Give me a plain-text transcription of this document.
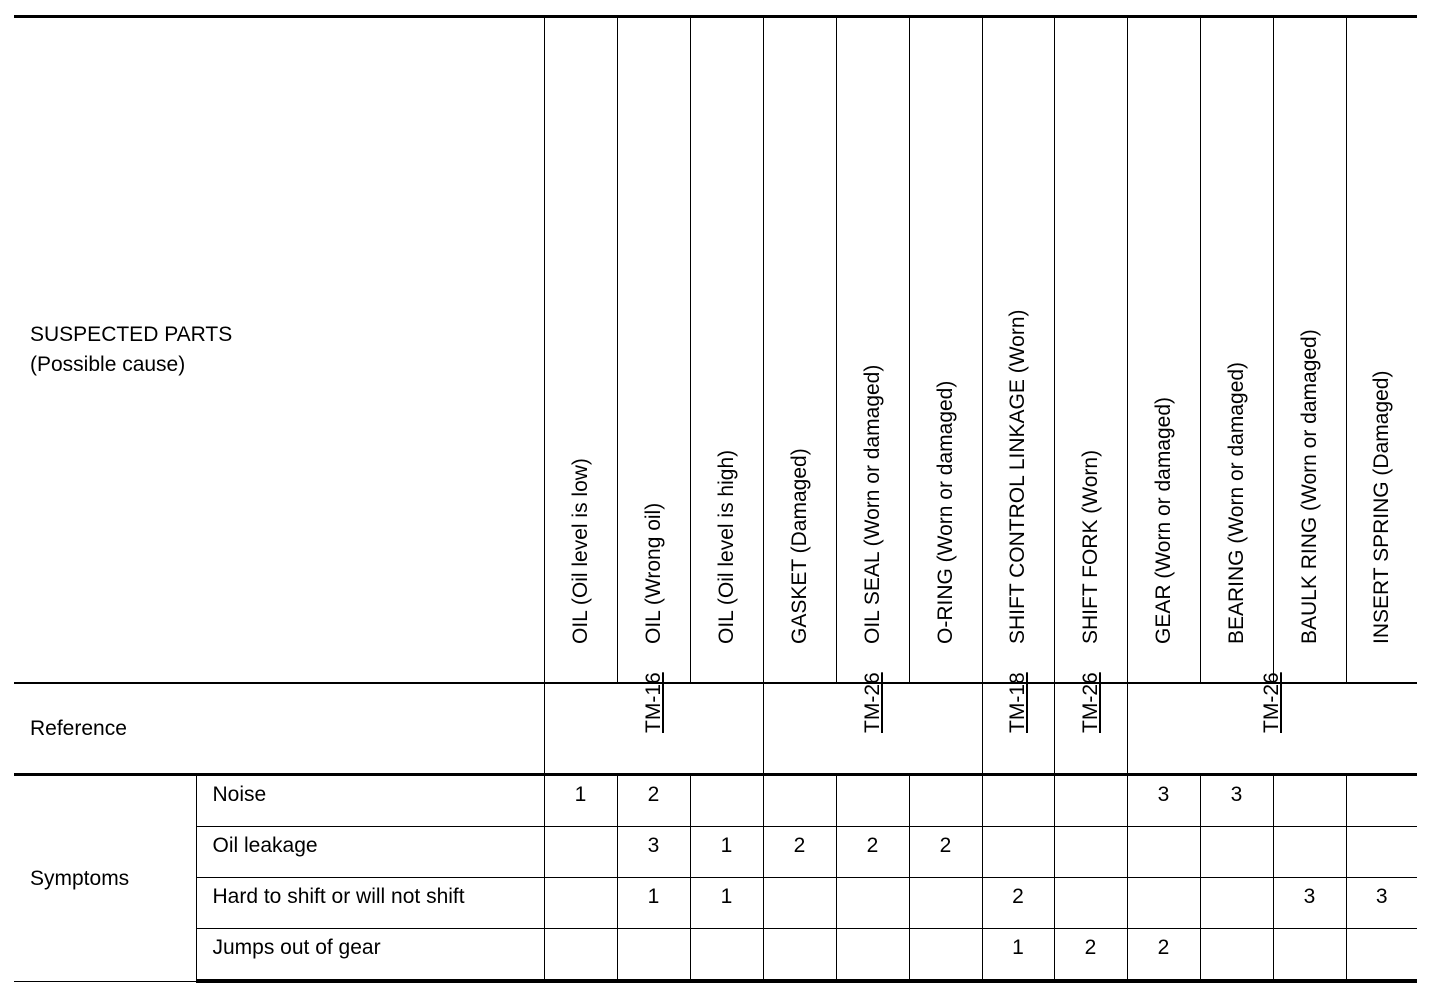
SUSPECTED PARTS
(Possible cause)		OIL (Oil level is low)	OIL (Wrong oil)	OIL (Oil level is high)	GASKET (Damaged)	OIL SEAL (Worn or damaged)	O-RING (Worn or damaged)	SHIFT CONTROL LINKAGE (Worn)	SHIFT FORK (Worn)	GEAR (Worn or damaged)	BEARING (Worn or damaged)	BAULK RING (Worn or damaged)	INSERT SPRING (Damaged)

Reference		TM-16			TM-26			TM-18	TM-26	TM-26			

Symptoms	Noise	1	2							3	3		
	Oil leakage		3	1	2	2	2						
	Hard to shift or will not shift		1	1				2				3	3
	Jumps out of gear							1	2	2			
